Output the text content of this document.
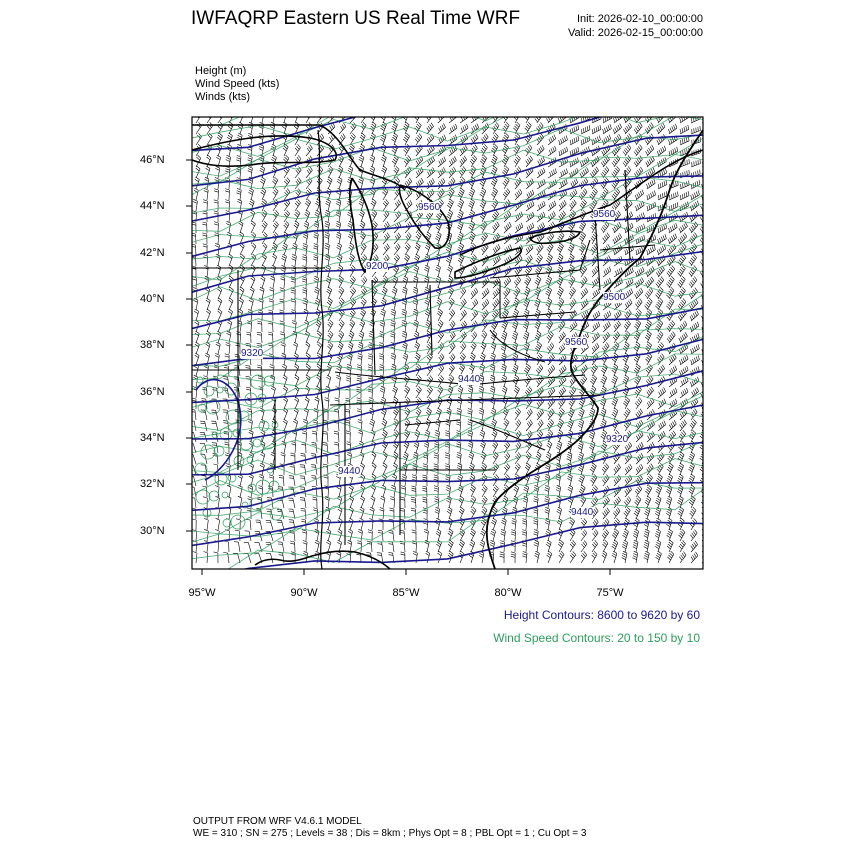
IWFAQRP Eastern US Real Time WRF	Init: 2026-02-10_00:00:00
Valid: 2026-02-15_00:00:00
Height (m)
Wind Speed (kts)
Winds (kts)
95°W	90°W	85°W	80°W	75°W
46°N
44°N
42°N
40°N
38°N
36°N
34°N
32°N
30°N
9560
9560
9500
9560
9200
9440
9320
9320
9440
9440
Height Contours: 8600 to 9620 by 60
Wind Speed Contours: 20 to 150 by 10
OUTPUT FROM WRF V4.6.1 MODEL
WE = 310 ; SN = 275 ; Levels = 38 ; Dis = 8km ; Phys Opt = 8 ; PBL Opt = 1 ; Cu Opt = 3
